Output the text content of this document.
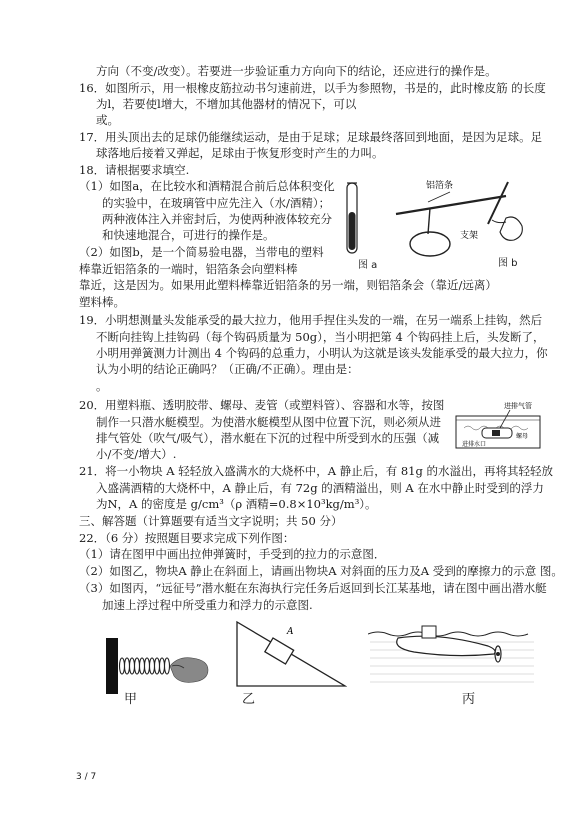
方向（不变/改变）。若要进一步验证重力方向向下的结论，还应进行的操作是。
16．如图所示，用一根橡皮筋拉动书匀速前进，以手为参照物，书是的，此时橡皮筋 的长度
为l，若要使l增大，不增加其他器材的情况下，可以
或。
17．用头顶出去的足球仍能继续运动，是由于足球；足球最终落回到地面，是因为足球。足
球落地后接着又弹起，足球由于恢复形变时产生的力叫。
18．请根据要求填空.
（1）如图a，在比较水和酒精混合前后总体积变化
的实验中，在玻璃管中应先注入（水/酒精）；
两种液体注入并密封后，为使两种液体较充分
和快速地混合，可进行的操作是。
（2）如图b，是一个简易验电器，当带电的塑料
棒靠近铝箔条的一端时，铝箔条会向塑料棒
靠近，这是因为。如果用此塑料棒靠近铝箔条的另一端，则铝箔条会（靠近/远离）
塑料棒。
19．小明想测量头发能承受的最大拉力，他用手捏住头发的一端，在另一端系上挂钩，然后
不断向挂钩上挂钩码（每个钩码质量为 50g），当小明把第 4 个钩码挂上后，头发断了，
小明用弹簧测力计测出 4 个钩码的总重力，小明认为这就是该头发能承受的最大拉力，你
认为小明的结论正确吗？（正确/不正确）。理由是：
。
20．用塑料瓶、透明胶带、螺母、麦管（或塑料管）、容器和水等，按图
制作一只潜水艇模型。为使潜水艇模型从图中位置下沉，则必须从进
排气管处（吹气/吸气），潜水艇在下沉的过程中所受到水的压强（减
小/不变/增大）.
21．将一小物块 A 轻轻放入盛满水的大烧杯中，A 静止后，有 81g 的水溢出，再将其轻轻放
入盛满酒精的大烧杯中，A 静止后，有 72g 的酒精溢出，则 A 在水中静止时受到的浮力
为N，A 的密度是 g/cm³（ρ 酒精=0.8×10³kg/m³）。
三、解答题（计算题要有适当文字说明；共 50 分）
22．（6 分）按照题目要求完成下列作图：
（1）请在图甲中画出拉伸弹簧时，手受到的拉力的示意图．
（2）如图乙，物块A 静止在斜面上，请画出物块A 对斜面的压力及A 受到的摩擦力的示意 图。
（3）如图丙，“远征号”潜水艇在东海执行完任务后返回到长江某基地，请在图中画出潜水艇
加速上浮过程中所受重力和浮力的示意图.
图 a
铝箔条
支架
图 b
进排气管
进排水口
螺母
甲
A
乙	丙
3 / 7
